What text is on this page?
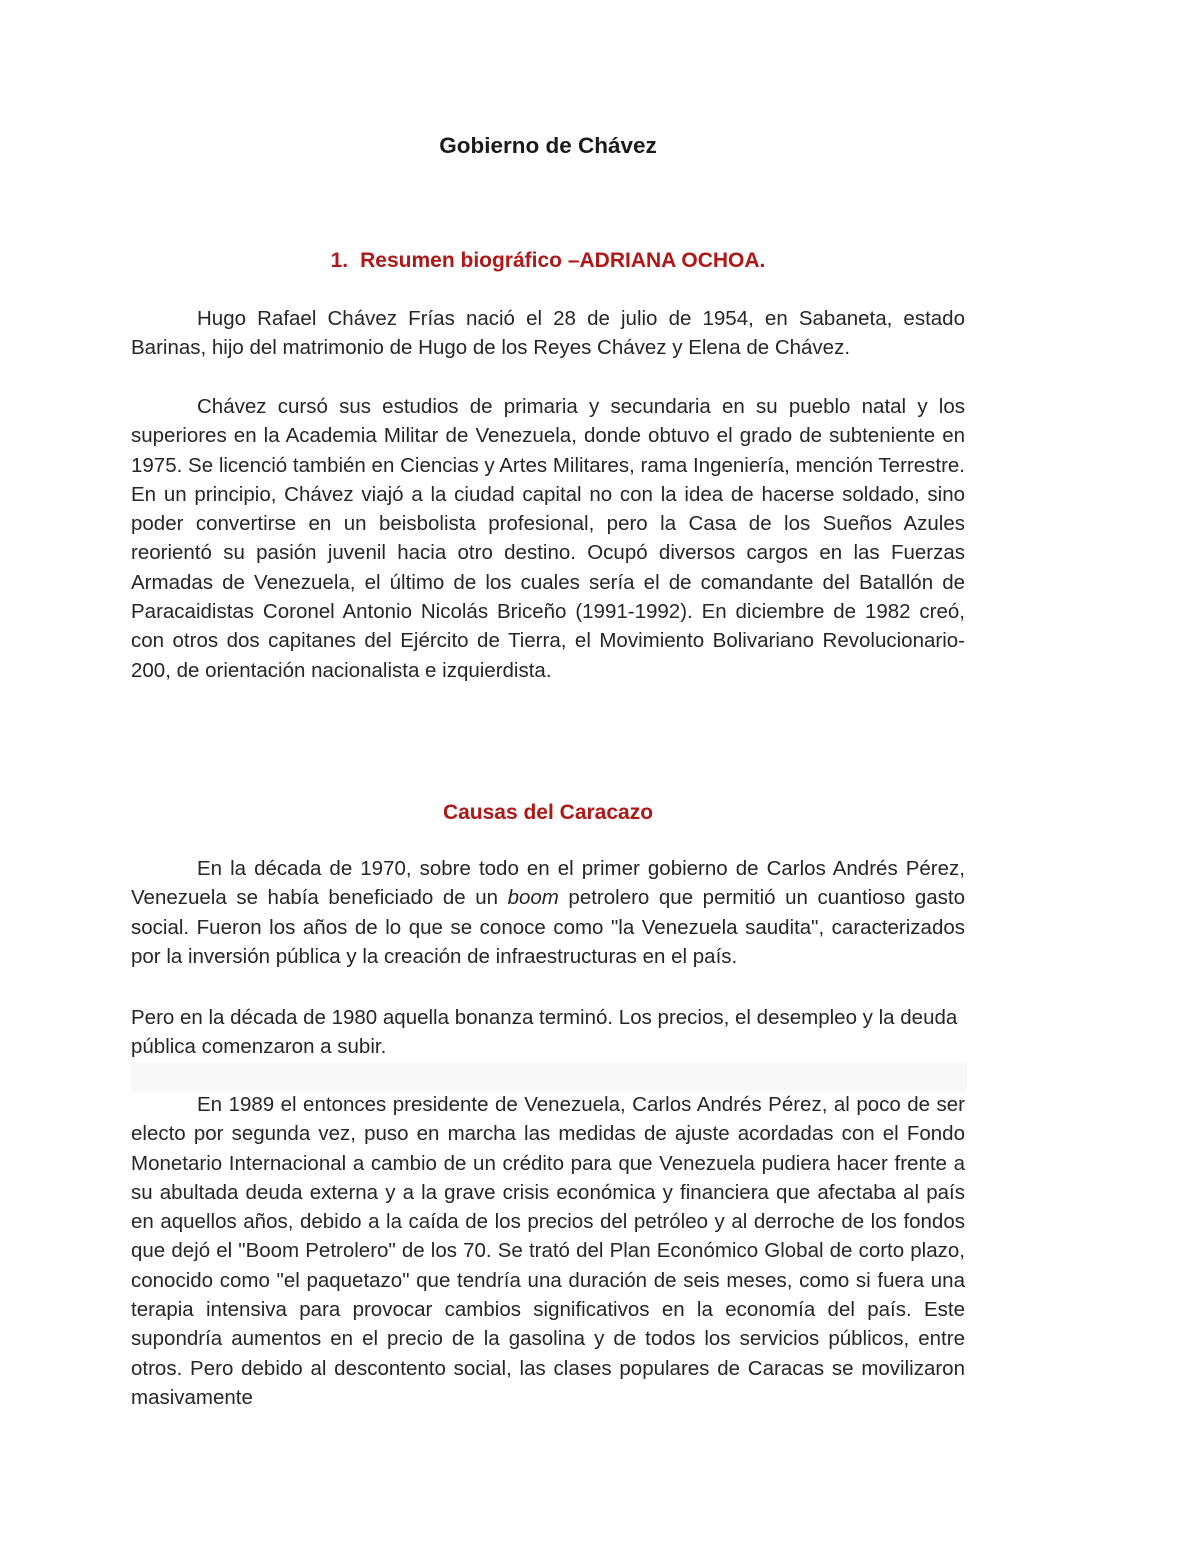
Gobierno de Chávez
1. Resumen biográfico –ADRIANA OCHOA.

Hugo Rafael Chávez Frías nació el 28 de julio de 1954, en Sabaneta, estado Barinas, hijo del matrimonio de Hugo de los Reyes Chávez y Elena de Chávez.

Chávez cursó sus estudios de primaria y secundaria en su pueblo natal y los superiores en la Academia Militar de Venezuela, donde obtuvo el grado de subteniente en 1975. Se licenció también en Ciencias y Artes Militares, rama Ingeniería, mención Terrestre. En un principio, Chávez viajó a la ciudad capital no con la idea de hacerse soldado, sino poder convertirse en un beisbolista profesional, pero la Casa de los Sueños Azules reorientó su pasión juvenil hacia otro destino. Ocupó diversos cargos en las Fuerzas Armadas de Venezuela, el último de los cuales sería el de comandante del Batallón de Paracaidistas Coronel Antonio Nicolás Briceño (1991-1992). En diciembre de 1982 creó, con otros dos capitanes del Ejército de Tierra, el Movimiento Bolivariano Revolucionario-200, de orientación nacionalista e izquierdista.

Causas del Caracazo

En la década de 1970, sobre todo en el primer gobierno de Carlos Andrés Pérez, Venezuela se había beneficiado de un boom petrolero que permitió un cuantioso gasto social. Fueron los años de lo que se conoce como "la Venezuela saudita", caracterizados por la inversión pública y la creación de infraestructuras en el país.

Pero en la década de 1980 aquella bonanza terminó. Los precios, el desempleo y la deuda pública comenzaron a subir.

En 1989 el entonces presidente de Venezuela, Carlos Andrés Pérez, al poco de ser electo por segunda vez, puso en marcha las medidas de ajuste acordadas con el Fondo Monetario Internacional a cambio de un crédito para que Venezuela pudiera hacer frente a su abultada deuda externa y a la grave crisis económica y financiera que afectaba al país en aquellos años, debido a la caída de los precios del petróleo y al derroche de los fondos que dejó el "Boom Petrolero" de los 70. Se trató del Plan Económico Global de corto plazo, conocido como "el paquetazo" que tendría una duración de seis meses, como si fuera una terapia intensiva para provocar cambios significativos en la economía del país. Este supondría aumentos en el precio de la gasolina y de todos los servicios públicos, entre otros. Pero debido al descontento social, las clases populares de Caracas se movilizaron masivamente
